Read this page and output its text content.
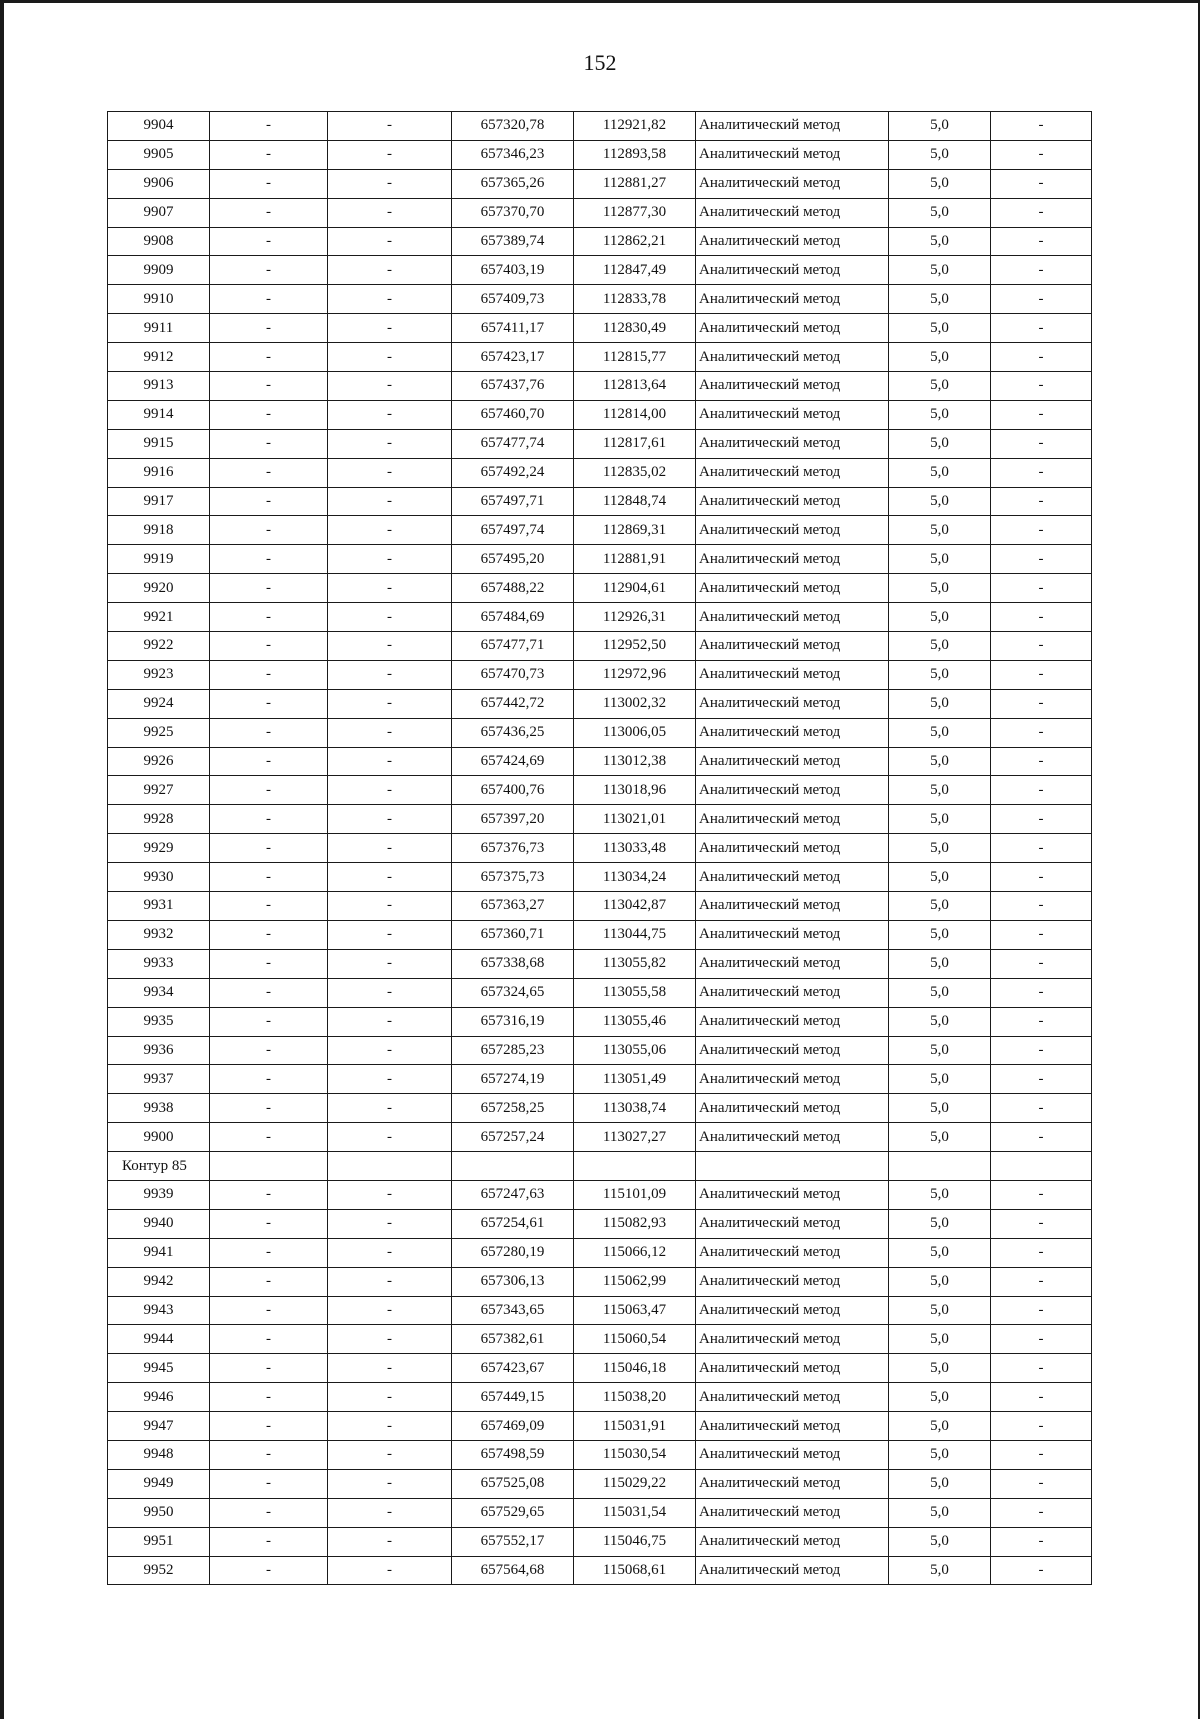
152
9904	-	-	657320,78	112921,82	Аналитический метод	5,0	-
9905	-	-	657346,23	112893,58	Аналитический метод	5,0	-
9906	-	-	657365,26	112881,27	Аналитический метод	5,0	-
9907	-	-	657370,70	112877,30	Аналитический метод	5,0	-
9908	-	-	657389,74	112862,21	Аналитический метод	5,0	-
9909	-	-	657403,19	112847,49	Аналитический метод	5,0	-
9910	-	-	657409,73	112833,78	Аналитический метод	5,0	-
9911	-	-	657411,17	112830,49	Аналитический метод	5,0	-
9912	-	-	657423,17	112815,77	Аналитический метод	5,0	-
9913	-	-	657437,76	112813,64	Аналитический метод	5,0	-
9914	-	-	657460,70	112814,00	Аналитический метод	5,0	-
9915	-	-	657477,74	112817,61	Аналитический метод	5,0	-
9916	-	-	657492,24	112835,02	Аналитический метод	5,0	-
9917	-	-	657497,71	112848,74	Аналитический метод	5,0	-
9918	-	-	657497,74	112869,31	Аналитический метод	5,0	-
9919	-	-	657495,20	112881,91	Аналитический метод	5,0	-
9920	-	-	657488,22	112904,61	Аналитический метод	5,0	-
9921	-	-	657484,69	112926,31	Аналитический метод	5,0	-
9922	-	-	657477,71	112952,50	Аналитический метод	5,0	-
9923	-	-	657470,73	112972,96	Аналитический метод	5,0	-
9924	-	-	657442,72	113002,32	Аналитический метод	5,0	-
9925	-	-	657436,25	113006,05	Аналитический метод	5,0	-
9926	-	-	657424,69	113012,38	Аналитический метод	5,0	-
9927	-	-	657400,76	113018,96	Аналитический метод	5,0	-
9928	-	-	657397,20	113021,01	Аналитический метод	5,0	-
9929	-	-	657376,73	113033,48	Аналитический метод	5,0	-
9930	-	-	657375,73	113034,24	Аналитический метод	5,0	-
9931	-	-	657363,27	113042,87	Аналитический метод	5,0	-
9932	-	-	657360,71	113044,75	Аналитический метод	5,0	-
9933	-	-	657338,68	113055,82	Аналитический метод	5,0	-
9934	-	-	657324,65	113055,58	Аналитический метод	5,0	-
9935	-	-	657316,19	113055,46	Аналитический метод	5,0	-
9936	-	-	657285,23	113055,06	Аналитический метод	5,0	-
9937	-	-	657274,19	113051,49	Аналитический метод	5,0	-
9938	-	-	657258,25	113038,74	Аналитический метод	5,0	-
9900	-	-	657257,24	113027,27	Аналитический метод	5,0	-
Контур 85							
9939	-	-	657247,63	115101,09	Аналитический метод	5,0	-
9940	-	-	657254,61	115082,93	Аналитический метод	5,0	-
9941	-	-	657280,19	115066,12	Аналитический метод	5,0	-
9942	-	-	657306,13	115062,99	Аналитический метод	5,0	-
9943	-	-	657343,65	115063,47	Аналитический метод	5,0	-
9944	-	-	657382,61	115060,54	Аналитический метод	5,0	-
9945	-	-	657423,67	115046,18	Аналитический метод	5,0	-
9946	-	-	657449,15	115038,20	Аналитический метод	5,0	-
9947	-	-	657469,09	115031,91	Аналитический метод	5,0	-
9948	-	-	657498,59	115030,54	Аналитический метод	5,0	-
9949	-	-	657525,08	115029,22	Аналитический метод	5,0	-
9950	-	-	657529,65	115031,54	Аналитический метод	5,0	-
9951	-	-	657552,17	115046,75	Аналитический метод	5,0	-
9952	-	-	657564,68	115068,61	Аналитический метод	5,0	-
